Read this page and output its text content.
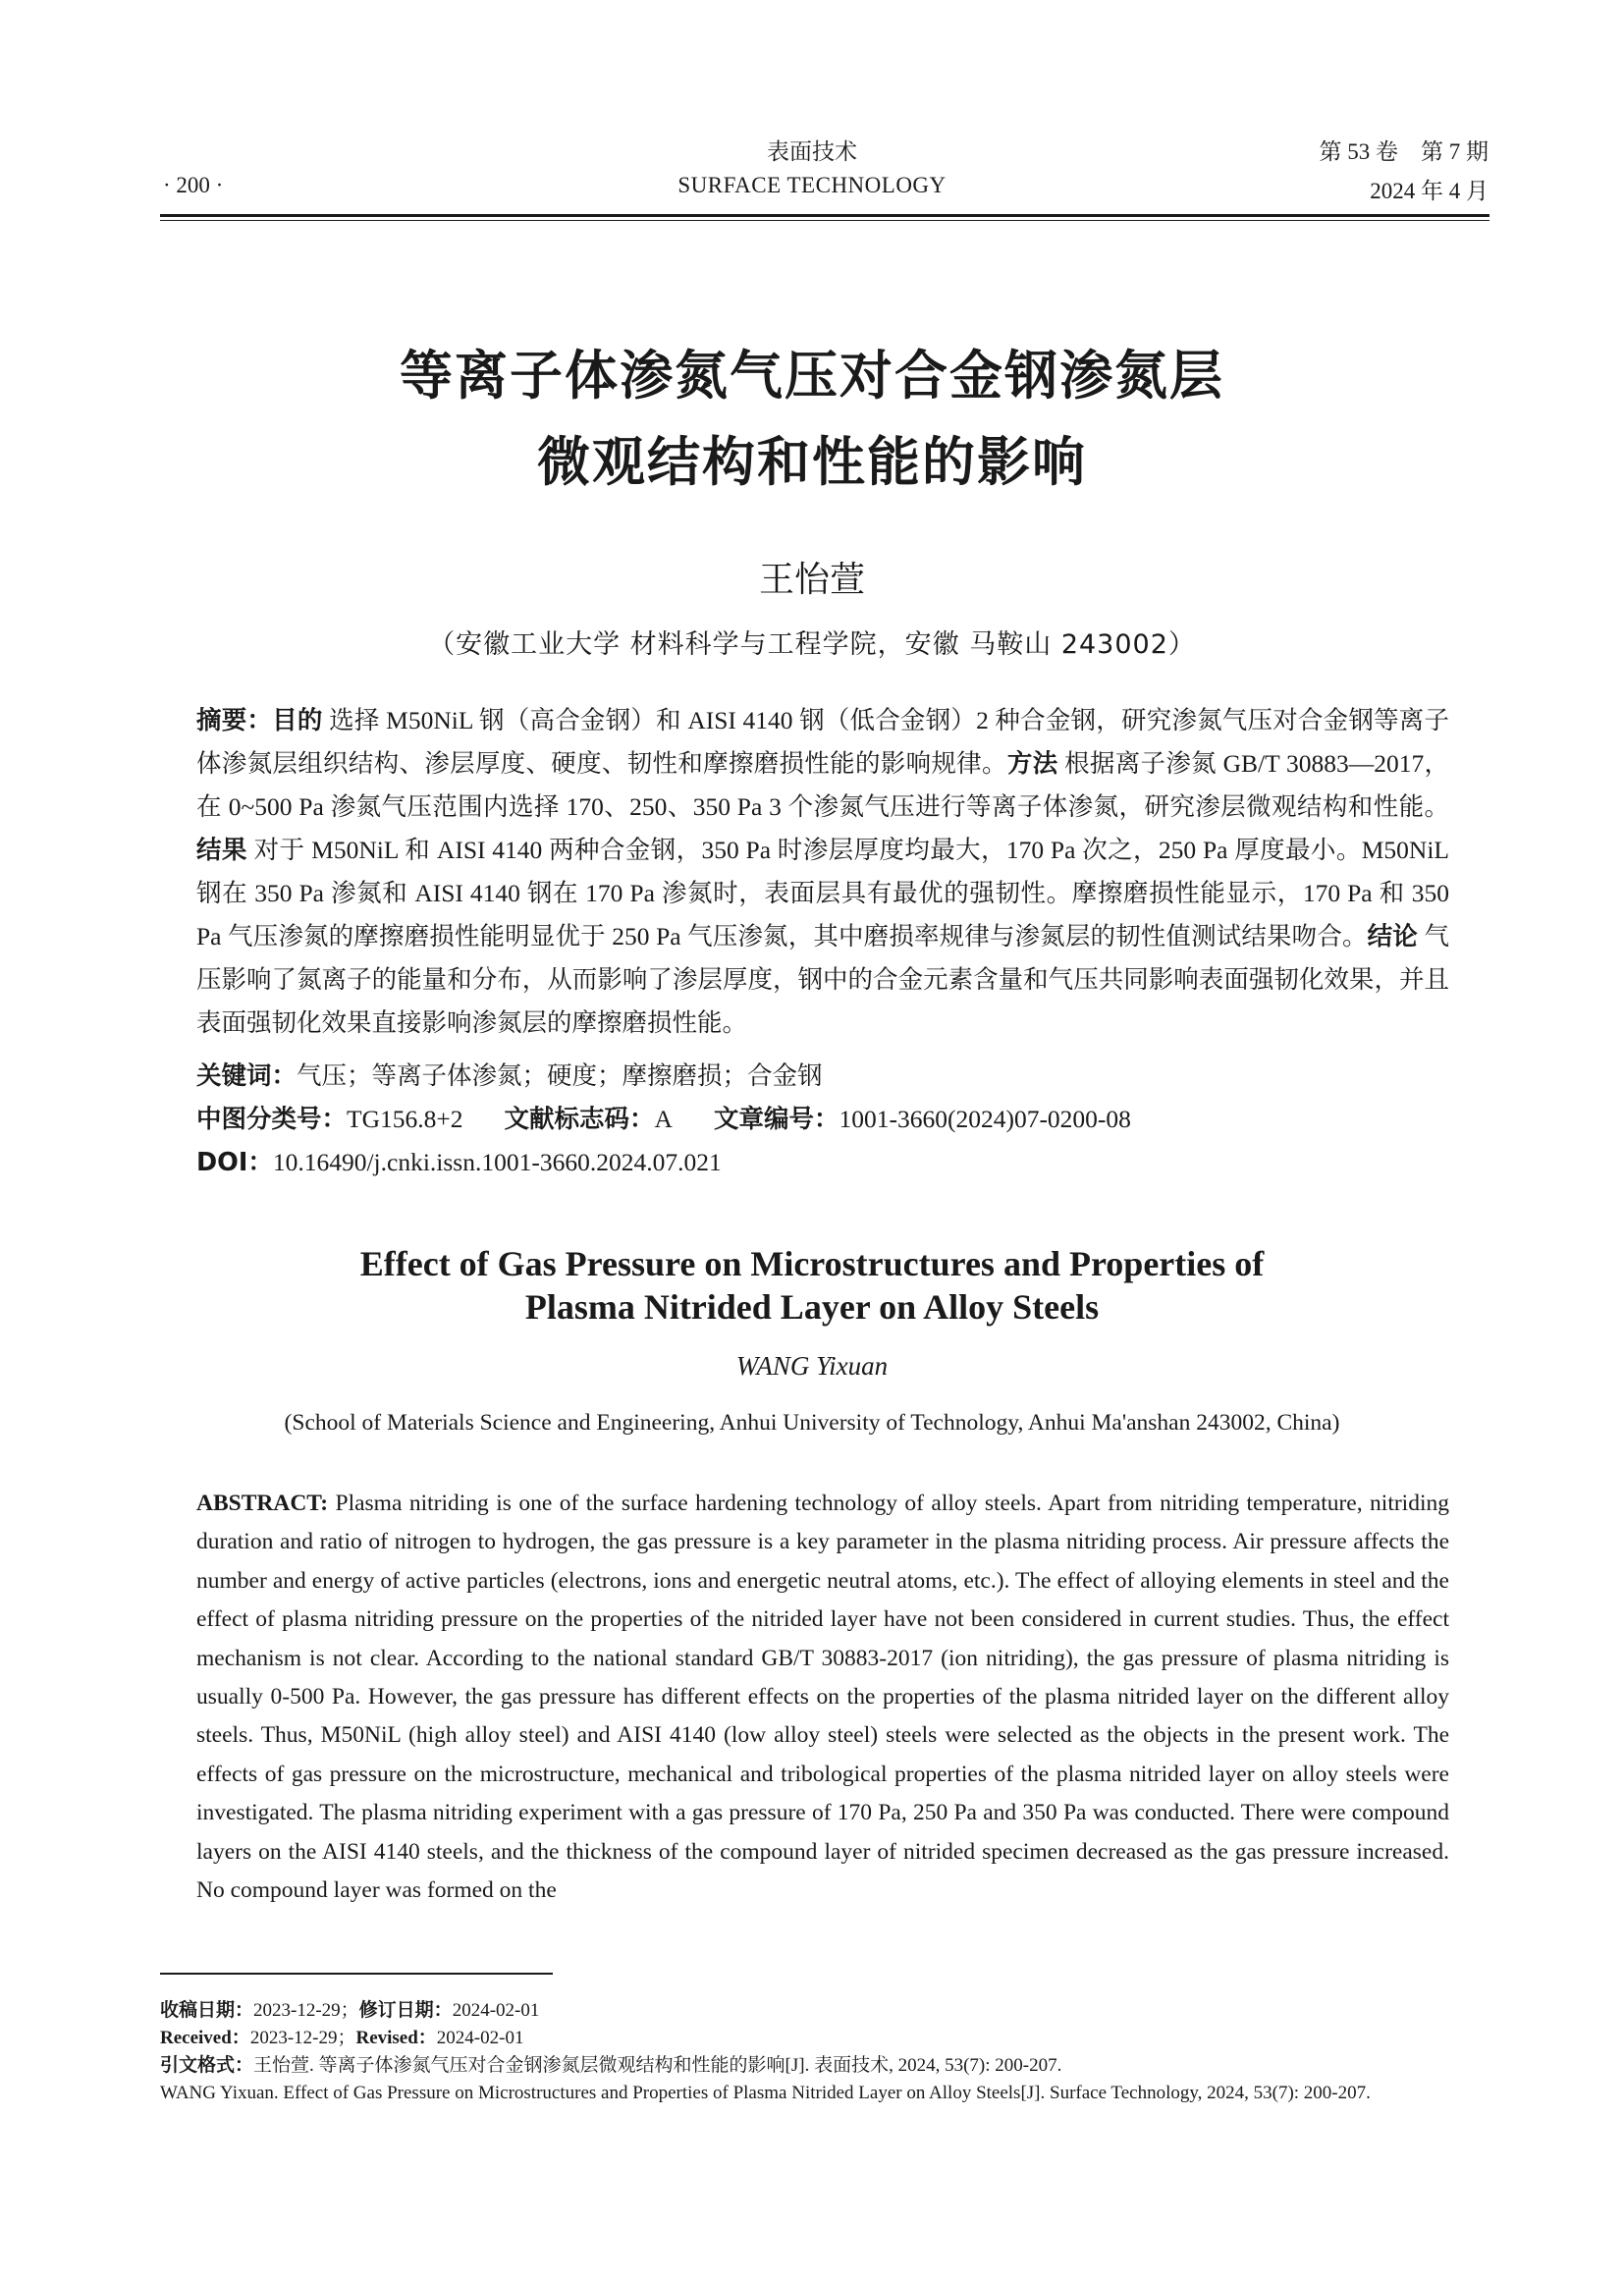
· 200 ·
表面技术
SURFACE TECHNOLOGY
第 53 卷　第 7 期
2024 年 4 月
等离子体渗氮气压对合金钢渗氮层
微观结构和性能的影响
王怡萱
（安徽工业大学 材料科学与工程学院，安徽 马鞍山 243002）
摘要：目的 选择 M50NiL 钢（高合金钢）和 AISI 4140 钢（低合金钢）2 种合金钢，研究渗氮气压对合金钢等离子体渗氮层组织结构、渗层厚度、硬度、韧性和摩擦磨损性能的影响规律。方法 根据离子渗氮 GB/T 30883—2017，在 0~500 Pa 渗氮气压范围内选择 170、250、350 Pa 3 个渗氮气压进行等离子体渗氮，研究渗层微观结构和性能。结果 对于 M50NiL 和 AISI 4140 两种合金钢，350 Pa 时渗层厚度均最大，170 Pa 次之，250 Pa 厚度最小。M50NiL 钢在 350 Pa 渗氮和 AISI 4140 钢在 170 Pa 渗氮时，表面层具有最优的强韧性。摩擦磨损性能显示，170 Pa 和 350 Pa 气压渗氮的摩擦磨损性能明显优于 250 Pa 气压渗氮，其中磨损率规律与渗氮层的韧性值测试结果吻合。结论 气压影响了氮离子的能量和分布，从而影响了渗层厚度，钢中的合金元素含量和气压共同影响表面强韧化效果，并且表面强韧化效果直接影响渗氮层的摩擦磨损性能。
关键词：气压；等离子体渗氮；硬度；摩擦磨损；合金钢
中图分类号：TG156.8+2 文献标志码：A 文章编号：1001-3660(2024)07-0200-08
DOI：10.16490/j.cnki.issn.1001-3660.2024.07.021
Effect of Gas Pressure on Microstructures and Properties of
Plasma Nitrided Layer on Alloy Steels
WANG Yixuan
(School of Materials Science and Engineering, Anhui University of Technology, Anhui Ma'anshan 243002, China)
ABSTRACT: Plasma nitriding is one of the surface hardening technology of alloy steels. Apart from nitriding temperature, nitriding duration and ratio of nitrogen to hydrogen, the gas pressure is a key parameter in the plasma nitriding process. Air pressure affects the number and energy of active particles (electrons, ions and energetic neutral atoms, etc.). The effect of alloying elements in steel and the effect of plasma nitriding pressure on the properties of the nitrided layer have not been considered in current studies. Thus, the effect mechanism is not clear. According to the national standard GB/T 30883-2017 (ion nitriding), the gas pressure of plasma nitriding is usually 0-500 Pa. However, the gas pressure has different effects on the properties of the plasma nitrided layer on the different alloy steels. Thus, M50NiL (high alloy steel) and AISI 4140 (low alloy steel) steels were selected as the objects in the present work. The effects of gas pressure on the microstructure, mechanical and tribological properties of the plasma nitrided layer on alloy steels were investigated. The plasma nitriding experiment with a gas pressure of 170 Pa, 250 Pa and 350 Pa was conducted. There were compound layers on the AISI 4140 steels, and the thickness of the compound layer of nitrided specimen decreased as the gas pressure increased. No compound layer was formed on the
收稿日期：2023-12-29；修订日期：2024-02-01
Received：2023-12-29；Revised：2024-02-01
引文格式：王怡萱. 等离子体渗氮气压对合金钢渗氮层微观结构和性能的影响[J]. 表面技术, 2024, 53(7): 200-207.
WANG Yixuan. Effect of Gas Pressure on Microstructures and Properties of Plasma Nitrided Layer on Alloy Steels[J]. Surface Technology, 2024, 53(7): 200-207.
